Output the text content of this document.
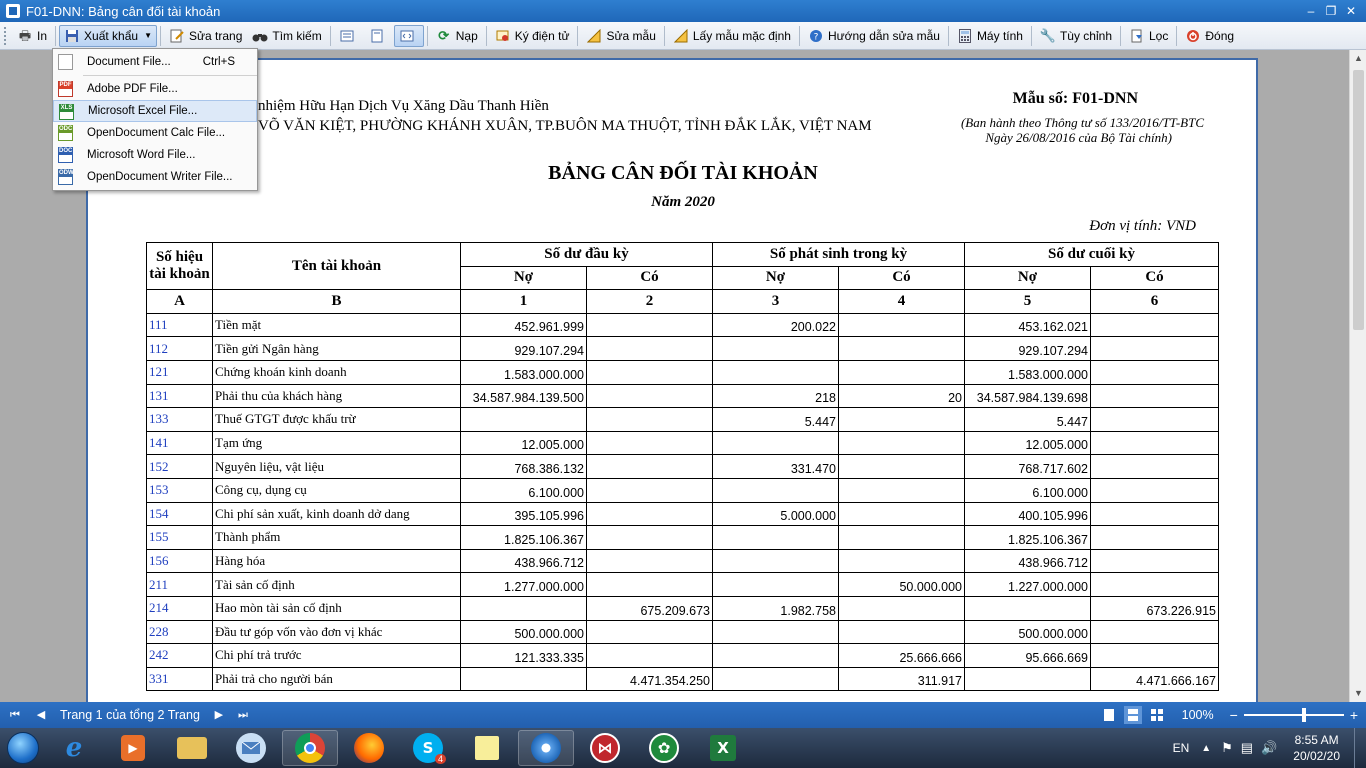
F01-DNN: Bảng cân đối tài khoản	– ❐ ✕
🖶 In	Xuất khẩu ▼	Sửa trang	Tìm kiếm	⟳ Nạp	Ký điện tử	Sửa mẫu	Lấy mẫu mặc định	? Hướng dẫn sửa mẫu	Máy tính 🔧 Tùy chỉnh	Lọc	Đóng
nhiệm Hữu Hạn Dịch Vụ Xăng Dầu Thanh Hiền
VÕ VĂN KIỆT, PHƯỜNG KHÁNH XUÂN, TP.BUÔN MA THUỘT, TỈNH ĐẮK LẮK, VIỆT NAM
Mẫu số: F01-DNN
(Ban hành theo Thông tư số 133/2016/TT-BTC
Ngày 26/08/2016 của Bộ Tài chính)
BẢNG CÂN ĐỐI TÀI KHOẢN
Năm 2020
Đơn vị tính: VND
Số hiệu tài khoản	Tên tài khoản	Số dư đầu kỳ		Số phát sinh trong kỳ		Số dư cuối kỳ	
		Nợ	Có	Nợ	Có	Nợ	Có
A	B	1	2	3	4	5	6
111	Tiền mặt	452.961.999		200.022		453.162.021	
112	Tiền gửi Ngân hàng	929.107.294				929.107.294	
121	Chứng khoán kinh doanh	1.583.000.000				1.583.000.000	
131	Phải thu của khách hàng	34.587.984.139.500		218	20	34.587.984.139.698	
133	Thuế GTGT được khấu trừ			5.447		5.447	
141	Tạm ứng	12.005.000				12.005.000	
152	Nguyên liệu, vật liệu	768.386.132		331.470		768.717.602	
153	Công cụ, dụng cụ	6.100.000				6.100.000	
154	Chi phí sản xuất, kinh doanh dở dang	395.105.996		5.000.000		400.105.996	
155	Thành phẩm	1.825.106.367				1.825.106.367	
156	Hàng hóa	438.966.712				438.966.712	
211	Tài sản cố định	1.277.000.000			50.000.000	1.227.000.000	
214	Hao mòn tài sản cố định		675.209.673	1.982.758			673.226.915
228	Đầu tư góp vốn vào đơn vị khác	500.000.000				500.000.000	
242	Chi phí trả trước	121.333.335			25.666.666	95.666.669	
331	Phải trả cho người bán		4.471.354.250		311.917		4.471.666.167
▲
▼
Document File...	Ctrl+S
PDF Adobe PDF File...
XLS Microsoft Excel File...
ODC OpenDocument Calc File...
DOC Microsoft Word File...
ODW OpenDocument Writer File...
⏮	◀	Trang 1 của tổng 2 Trang	▶	⏭	100% −	+
e	▶	S
4
⋈	✿	X	EN ▲ ⚑ ▤ 🔊 8:55 AM
20/02/20
